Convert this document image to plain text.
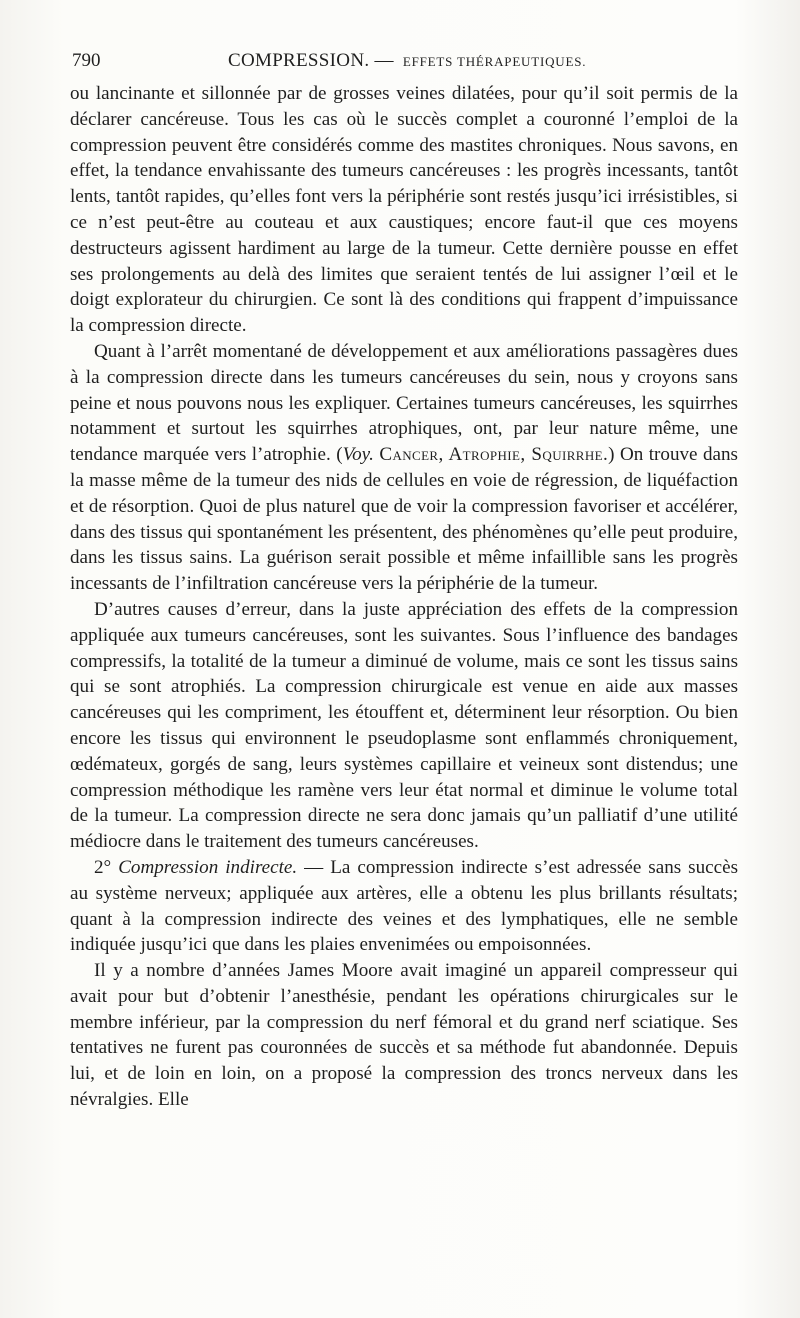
790	COMPRESSION. — EFFETS THÉRAPEUTIQUES.

ou lancinante et sillonnée par de grosses veines dilatées, pour qu’il soit permis de la déclarer cancéreuse. Tous les cas où le succès complet a couronné l’emploi de la compression peuvent être considérés comme des mastites chroniques. Nous savons, en effet, la tendance envahissante des tumeurs cancéreuses : les progrès incessants, tantôt lents, tantôt rapides, qu’elles font vers la périphérie sont restés jusqu’ici irrésistibles, si ce n’est peut-être au couteau et aux caustiques; encore faut-il que ces moyens destructeurs agissent hardiment au large de la tumeur. Cette dernière pousse en effet ses prolongements au delà des limites que seraient tentés de lui assigner l’œil et le doigt explorateur du chirurgien. Ce sont là des conditions qui frappent d’impuissance la compression directe.

Quant à l’arrêt momentané de développement et aux améliorations passagères dues à la compression directe dans les tumeurs cancéreuses du sein, nous y croyons sans peine et nous pouvons nous les expliquer. Certaines tumeurs cancéreuses, les squirrhes notamment et surtout les squirrhes atrophiques, ont, par leur nature même, une tendance marquée vers l’atrophie. (Voy. Cancer, Atrophie, Squirrhe.) On trouve dans la masse même de la tumeur des nids de cellules en voie de régression, de liquéfaction et de résorption. Quoi de plus naturel que de voir la compression favoriser et accélérer, dans des tissus qui spontanément les présentent, des phénomènes qu’elle peut produire, dans les tissus sains. La guérison serait possible et même infaillible sans les progrès incessants de l’infiltration cancéreuse vers la périphérie de la tumeur.

D’autres causes d’erreur, dans la juste appréciation des effets de la compression appliquée aux tumeurs cancéreuses, sont les suivantes. Sous l’influence des bandages compressifs, la totalité de la tumeur a diminué de volume, mais ce sont les tissus sains qui se sont atrophiés. La compression chirurgicale est venue en aide aux masses cancéreuses qui les compriment, les étouffent et, déterminent leur résorption. Ou bien encore les tissus qui environnent le pseudoplasme sont enflammés chroniquement, œdémateux, gorgés de sang, leurs systèmes capillaire et veineux sont distendus; une compression méthodique les ramène vers leur état normal et diminue le volume total de la tumeur. La compression directe ne sera donc jamais qu’un palliatif d’une utilité médiocre dans le traitement des tumeurs cancéreuses.

2° Compression indirecte. — La compression indirecte s’est adressée sans succès au système nerveux; appliquée aux artères, elle a obtenu les plus brillants résultats; quant à la compression indirecte des veines et des lymphatiques, elle ne semble indiquée jusqu’ici que dans les plaies envenimées ou empoisonnées.

Il y a nombre d’années James Moore avait imaginé un appareil compresseur qui avait pour but d’obtenir l’anesthésie, pendant les opérations chirurgicales sur le membre inférieur, par la compression du nerf fémoral et du grand nerf sciatique. Ses tentatives ne furent pas couronnées de succès et sa méthode fut abandonnée. Depuis lui, et de loin en loin, on a proposé la compression des troncs nerveux dans les névralgies. Elle
